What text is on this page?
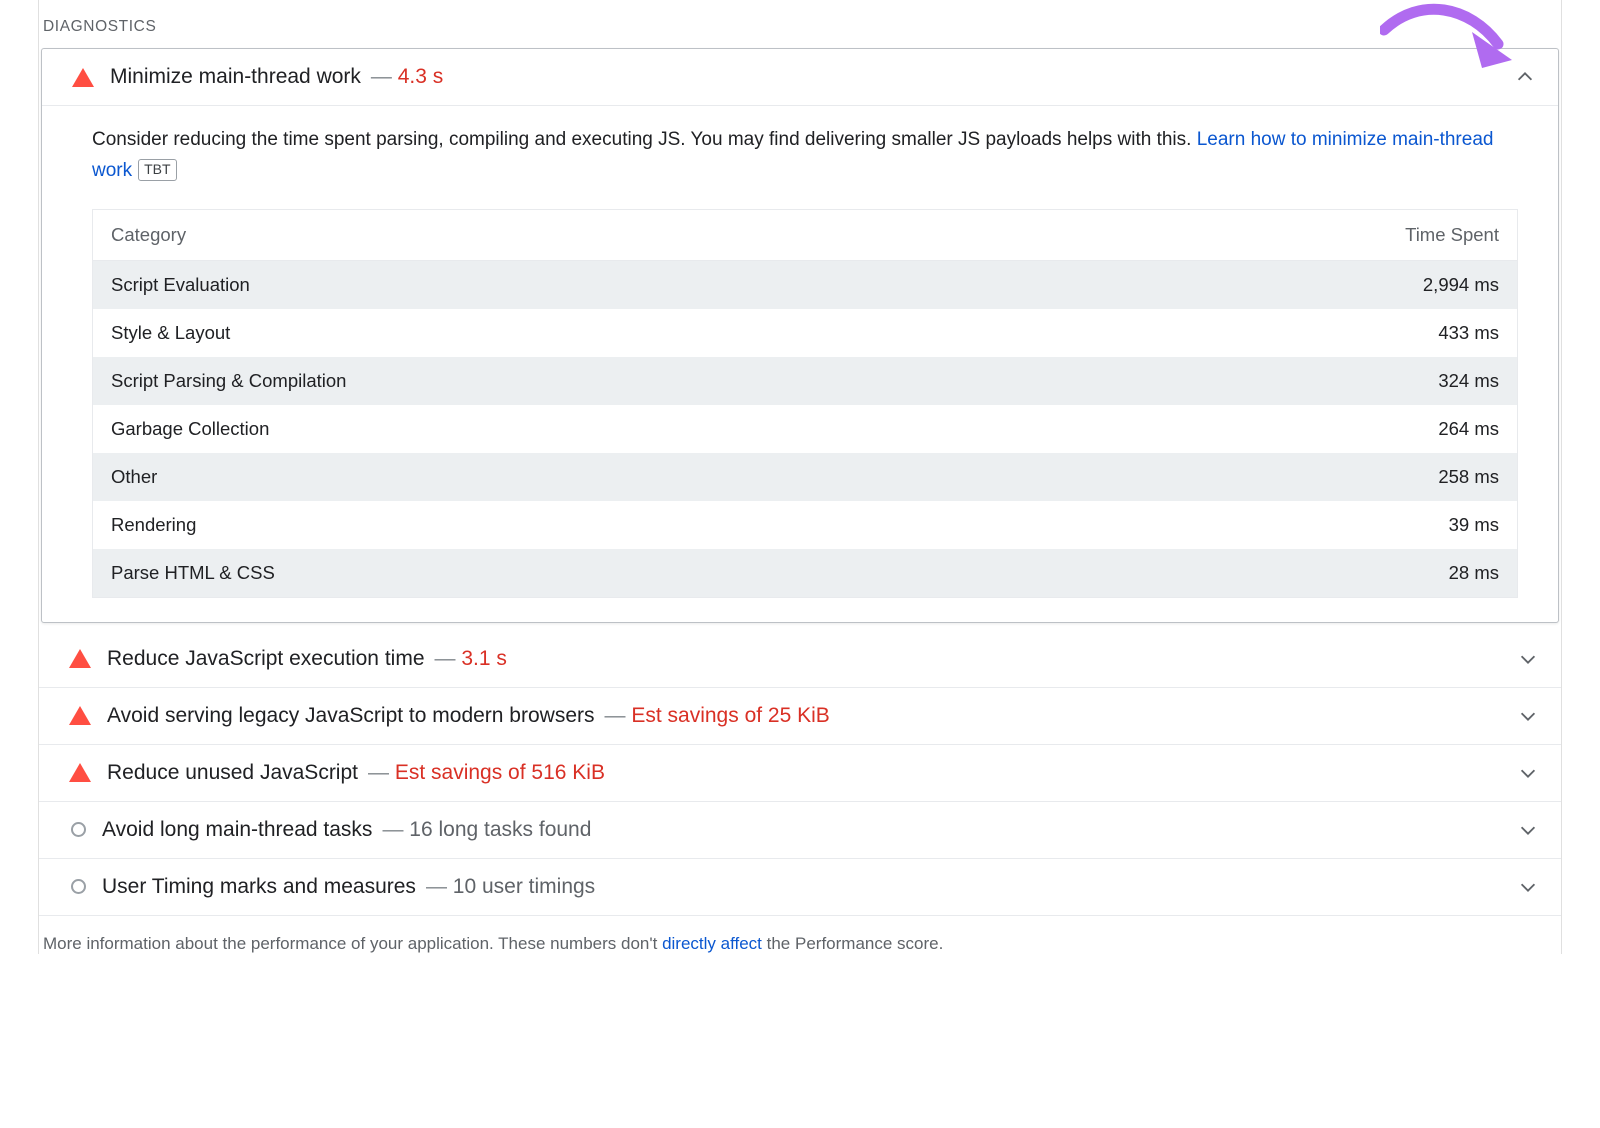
DIAGNOSTICS
Minimize main-thread work — 4.3 s
Consider reducing the time spent parsing, compiling and executing JS. You may find delivering smaller JS payloads helps with this. Learn how to minimize main-thread work TBT
Category	Time Spent
Script Evaluation	2,994 ms
Style & Layout	433 ms
Script Parsing & Compilation	324 ms
Garbage Collection	264 ms
Other	258 ms
Rendering	39 ms
Parse HTML & CSS	28 ms
Reduce JavaScript execution time — 3.1 s
Avoid serving legacy JavaScript to modern browsers — Est savings of 25 KiB
Reduce unused JavaScript — Est savings of 516 KiB
Avoid long main-thread tasks — 16 long tasks found
User Timing marks and measures — 10 user timings
More information about the performance of your application. These numbers don't directly affect the Performance score.
